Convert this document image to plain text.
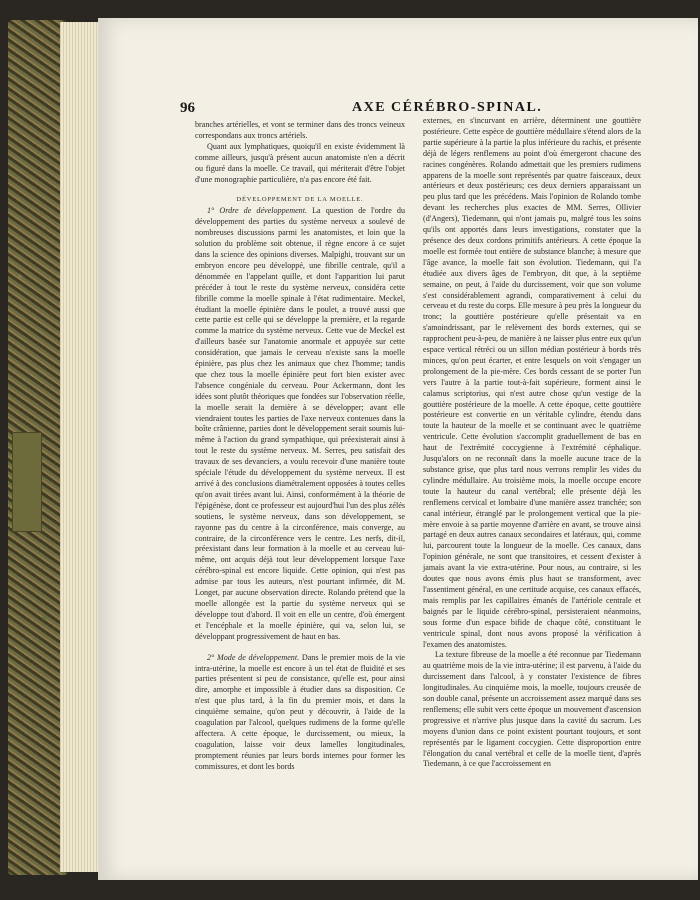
96	AXE CÉRÉBRO-SPINAL.

branches artérielles, et vont se terminer dans des troncs veineux correspondans aux troncs artériels.

Quant aux lymphatiques, quoiqu'il en existe évidemment là comme ailleurs, jusqu'à présent aucun anatomiste n'en a décrit ou figuré dans la moelle. Ce travail, qui mériterait d'être l'objet d'une monographie particulière, n'a pas encore été fait.

DÉVELOPPEMENT DE LA MOELLE.

1° Ordre de développement. La question de l'ordre du développement des parties du système nerveux a soulevé de nombreuses discussions parmi les anatomistes, et loin que la solution du problème soit obtenue, il règne encore à ce sujet dans la science des opinions diverses. Malpighi, trouvant sur un embryon encore peu développé, une fibrille centrale, qu'il a dénommée en l'appelant quille, et dont l'apparition lui parut précéder à tout le reste du système nerveux, considéra cette fibrille comme la moelle spinale à l'état rudimentaire. Meckel, étudiant la moelle épinière dans le poulet, a trouvé aussi que cette partie est celle qui se développe la première, et la regarde comme la matrice du système nerveux. Cette vue de Meckel est d'ailleurs basée sur l'anatomie anormale et appuyée sur cette considération, que jamais le cerveau n'existe sans la moelle épinière, pas plus chez les animaux que chez l'homme; tandis que chez tous la moelle épinière peut fort bien exister avec l'absence congéniale du cerveau. Pour Ackermann, dont les idées sont plutôt théoriques que fondées sur l'observation réelle, la moelle serait la dernière à se développer; avant elle viendraient toutes les parties de l'axe nerveux contenues dans la boîte crânienne, parties dont le développement serait soumis lui-même à l'action du grand sympathique, qui préexisterait ainsi à tout le reste du système nerveux. M. Serres, peu satisfait des travaux de ses devanciers, a voulu recevoir d'une manière toute spéciale l'étude du développement du système nerveux. Il est arrivé à des conclusions diamétralement opposées à toutes celles qu'on avait tirées avant lui. Ainsi, conformément à la théorie de l'épigénèse, dont ce professeur est aujourd'hui l'un des plus zélés soutiens, le système nerveux, dans son développement, se rayonne pas du centre à la circonférence, mais converge, au contraire, de la circonférence vers le centre. Les nerfs, dit-il, préexistant dans leur formation à la moelle et au cerveau lui-même, ont acquis déjà tout leur développement lorsque l'axe cérébro-spinal est encore liquide. Cette opinion, qui n'est pas admise par tous les auteurs, n'est pourtant infirmée, dit M. Longet, par aucune observation directe. Rolando prétend que la moelle allongée est la partie du système nerveux qui se développe tout d'abord. Il voit en elle un centre, d'où émergent et l'encéphale et la moelle épinière, qui va, selon lui, se développant progressivement de haut en bas.

2° Mode de développement. Dans le premier mois de la vie intra-utérine, la moelle est encore à un tel état de fluidité et ses parties présentent si peu de consistance, qu'elle est, pour ainsi dire, amorphe et impossible à étudier dans sa disposition. Ce n'est que plus tard, à la fin du premier mois, et dans la cinquième semaine, qu'on peut y découvrir, à l'aide de la coagulation par l'alcool, quelques rudimens de la forme qu'elle affectera. A cette époque, le durcissement, ou mieux, la coagulation, laisse voir deux lamelles longitudinales, promptement réunies par leurs bords internes pour former les commissures, et dont les bords

externes, en s'incurvant en arrière, déterminent une gouttière postérieure. Cette espèce de gouttière médullaire s'étend alors de la partie supérieure à la partie la plus inférieure du rachis, et présente déjà de légers renflemens au point d'où émergeront chacune des racines congénères. Rolando admettait que les premiers rudimens apparens de la moelle sont représentés par quatre faisceaux, deux antérieurs et deux postérieurs; ces deux derniers apparaissant un peu plus tard que les précédens. Mais l'opinion de Rolando tombe devant les recherches plus exactes de MM. Serres, Ollivier (d'Angers), Tiedemann, qui n'ont jamais pu, malgré tous les soins qu'ils ont apportés dans leurs investigations, constater que la présence des deux cordons primitifs antérieurs. A cette époque la moelle est formée tout entière de substance blanche; à mesure que l'âge avance, la moelle fait son évolution. Tiedemann, qui l'a étudiée aux divers âges de l'embryon, dit que, à la septième semaine, on peut, à l'aide du durcissement, voir que son volume s'est considérablement agrandi, comparativement à celui du cerveau et du reste du corps. Elle mesure à peu près la longueur du tronc; la gouttière postérieure qu'elle présentait va en s'amoindrissant, par le relèvement des bords externes, qui se rapprochent peu-à-peu, de manière à ne laisser plus entre eux qu'un espace vertical rétréci ou un sillon médian postérieur à bords très minces, qu'on peut écarter, et entre lesquels on voit s'engager un prolongement de la pie-mère. Ces bords cessant de se porter l'un vers l'autre à la partie tout-à-fait supérieure, forment ainsi le calamus scriptorius, qui n'est autre chose qu'un vestige de la gouttière postérieure de la moelle. A cette époque, cette gouttière postérieure est convertie en un véritable cylindre, étendu dans toute la hauteur de la moelle et se continuant avec le quatrième ventricule. Cette évolution s'accomplit graduellement de bas en haut de l'extrémité coccygienne à l'extrémité céphalique. Jusqu'alors on ne reconnaît dans la moelle aucune trace de la substance grise, que plus tard nous verrons remplir les vides du cylindre médullaire. Au troisième mois, la moelle occupe encore toute la hauteur du canal vertébral; elle présente déjà les renflemens cervical et lombaire d'une manière assez tranchée; son canal intérieur, étranglé par le prolongement vertical que la pie-mère envoie à sa partie moyenne d'arrière en avant, se trouve ainsi partagé en deux autres canaux secondaires et latéraux, qui, comme lui, parcourent toute la longueur de la moelle. Ces canaux, dans l'opinion générale, ne sont que transitoires, et cessent d'exister à jamais avant la vie extra-utérine. Pour nous, au contraire, si les doutes que nous avons émis plus haut se transforment, avec l'assentiment général, en une certitude acquise, ces canaux effacés, mais remplis par les capillaires émanés de l'artériole centrale et baignés par le liquide cérébro-spinal, persisteraient néanmoins, sous forme d'un espace bifide de chaque côté, constituant le ventricule spinal, dont nous avons proposé la vérification à l'examen des anatomistes.

La texture fibreuse de la moelle a été reconnue par Tiedemann au quatrième mois de la vie intra-utérine; il est parvenu, à l'aide du durcissement dans l'alcool, à y constater l'existence de fibres longitudinales. Au cinquième mois, la moelle, toujours creusée de son double canal, présente un accroissement assez marqué dans ses renflemens; elle subit vers cette époque un mouvement d'ascension progressive et n'arrive plus jusque dans la cavité du sacrum. Les moyens d'union dans ce point existent pourtant toujours, et sont représentés par le ligament coccygien. Cette disproportion entre l'élongation du canal vertébral et celle de la moelle tient, d'après Tiedemann, à ce que l'accroissement en
